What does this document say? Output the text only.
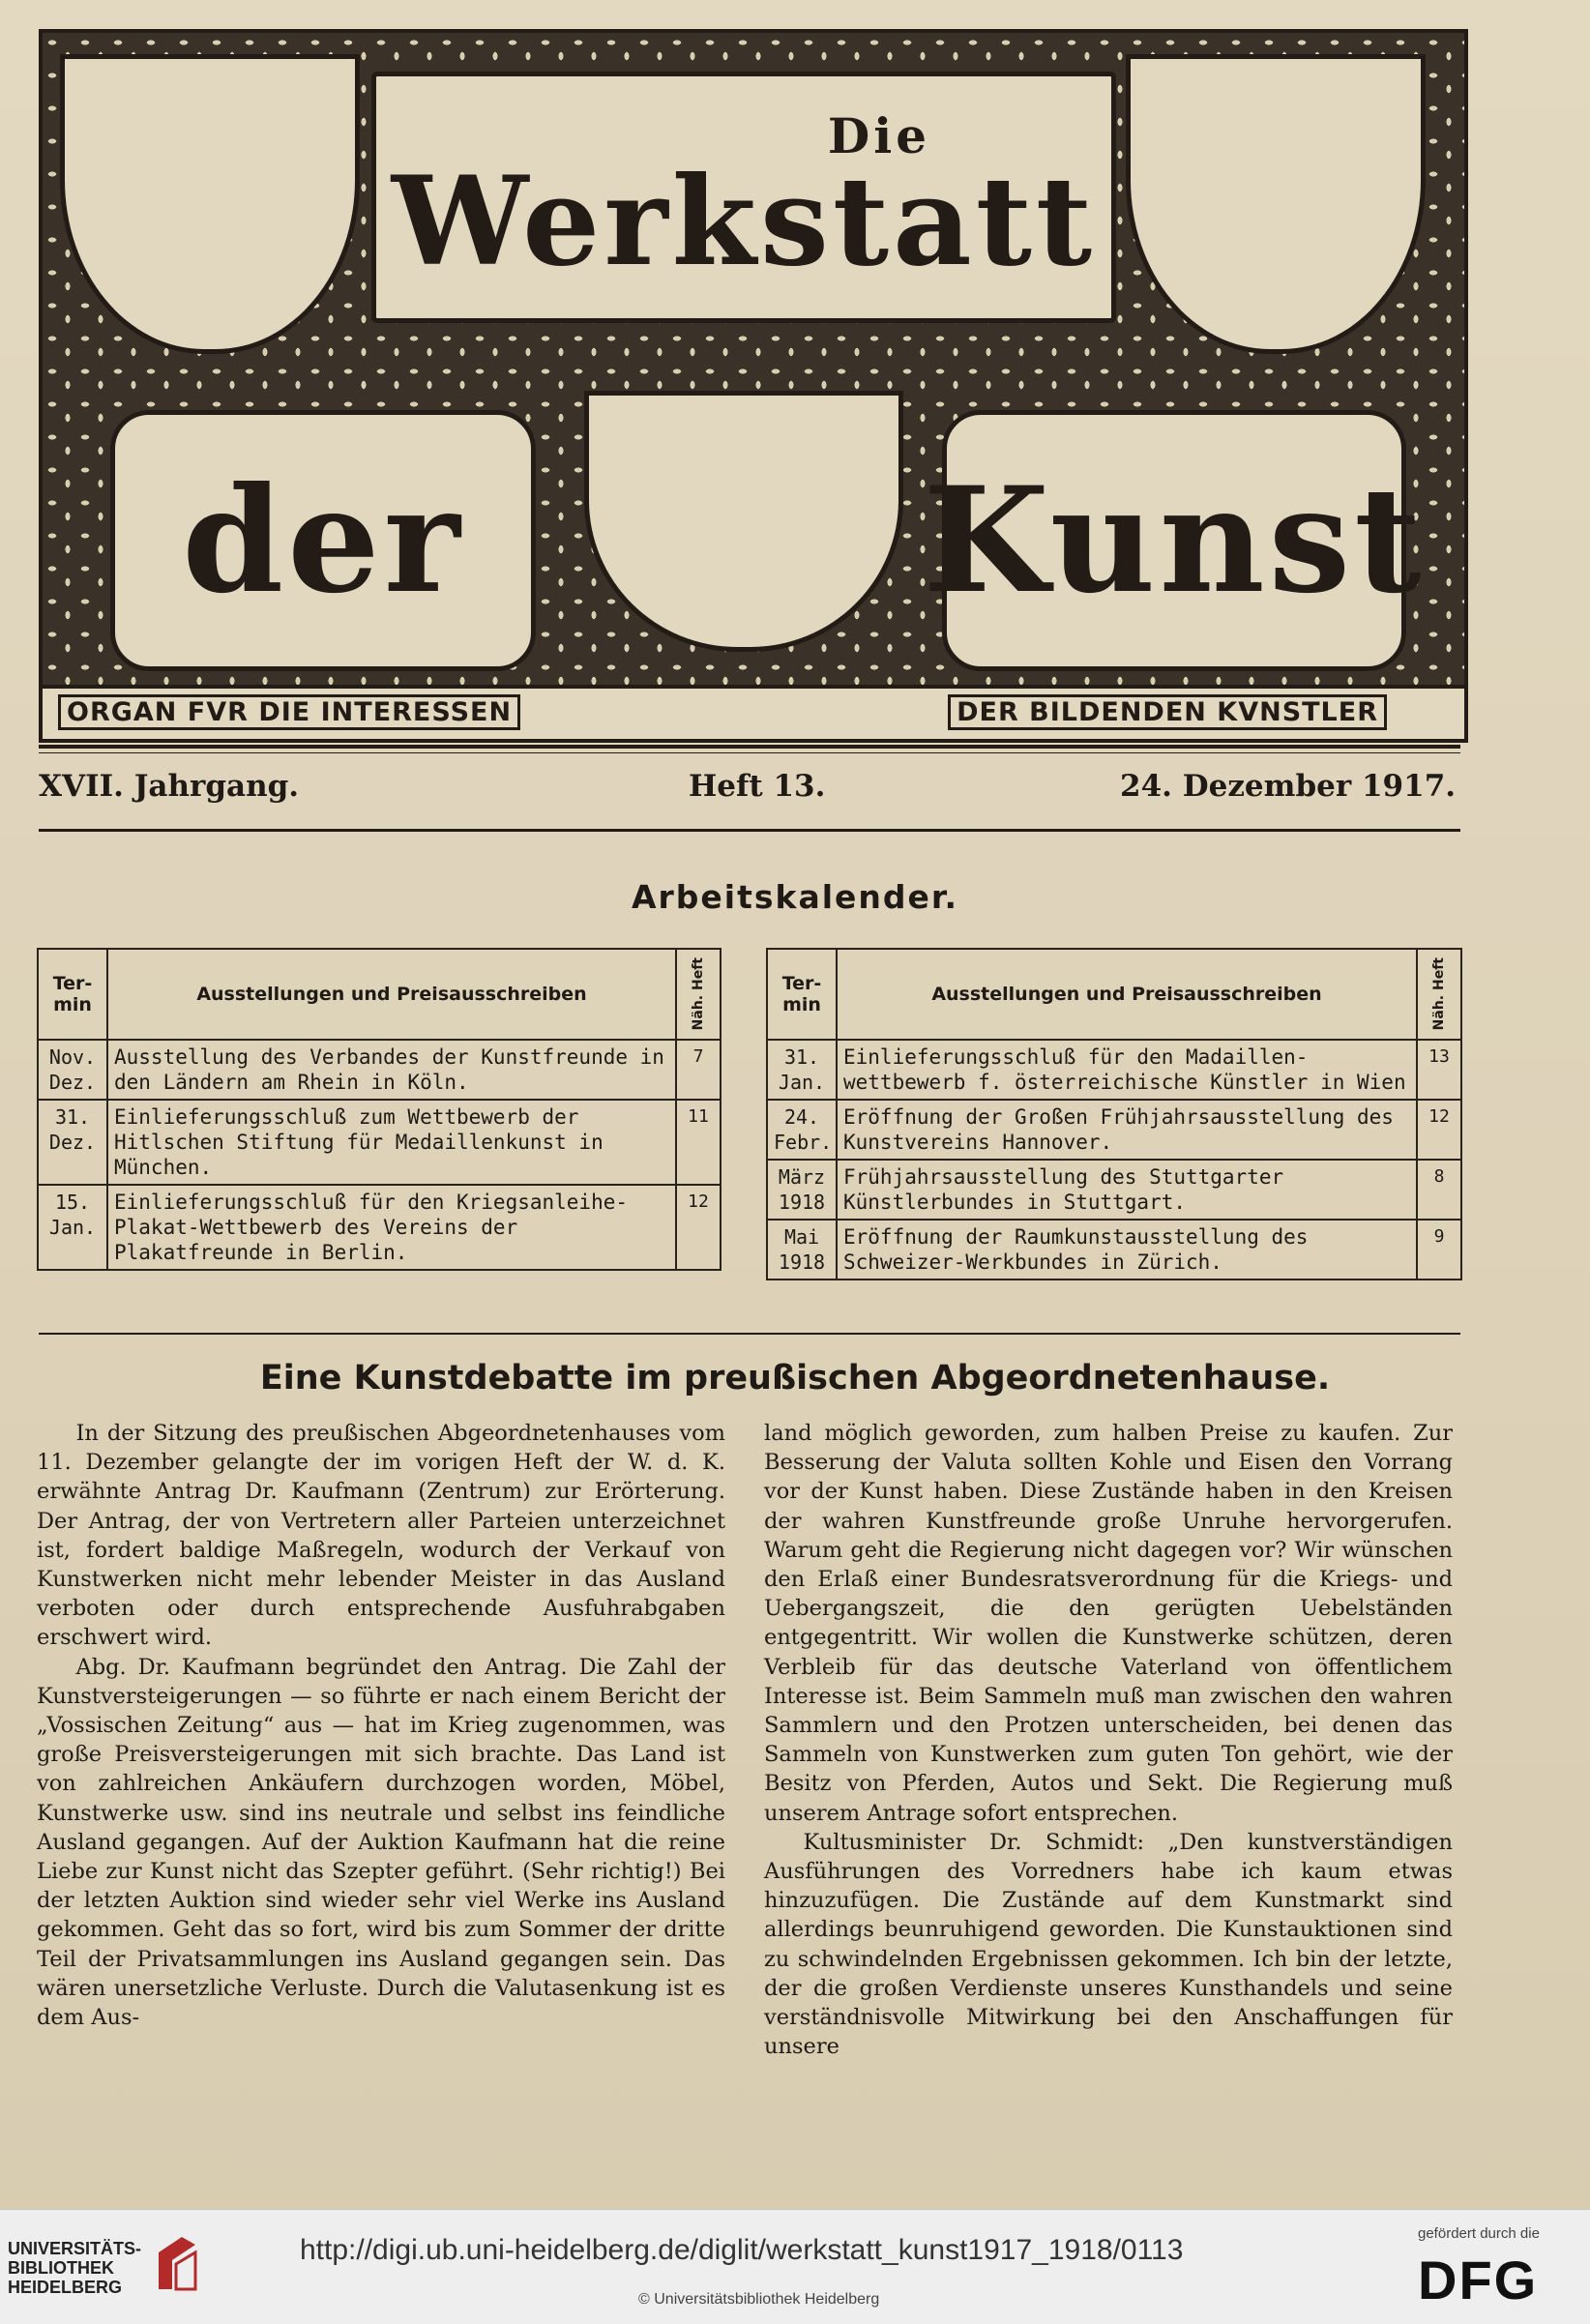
Die
Werkstatt
der	Kunst
ORGAN FVR DIE INTERESSEN	DER BILDENDEN KVNSTLER
XVII. Jahrgang.	Heft 13.	24. Dezember 1917.
Arbeitskalender.
Ter-min	Ausstellungen und Preisausschreiben	Näh. Heft

Nov. Dez.	Ausstellung des Verbandes der Kunstfreunde in den Ländern am Rhein in Köln.	7
31. Dez.	Einlieferungsschluß zum Wettbewerb der Hitlschen Stiftung für Medaillenkunst in München.	11
15. Jan.	Einlieferungsschluß für den Kriegsanleihe-Plakat-Wettbewerb des Vereins der Plakatfreunde in Berlin.	12
Ter-min	Ausstellungen und Preisausschreiben	Näh. Heft

31. Jan.	Einlieferungsschluß für den Madaillen-wettbewerb f. österreichische Künstler in Wien	13
24. Febr.	Eröffnung der Großen Frühjahrsausstellung des Kunstvereins Hannover.	12
März 1918	Frühjahrsausstellung des Stuttgarter Künstlerbundes in Stuttgart.	8
Mai 1918	Eröffnung der Raumkunstausstellung des Schweizer-Werkbundes in Zürich.	9
Eine Kunstdebatte im preußischen Abgeordnetenhause.

In der Sitzung des preußischen Abgeordnetenhauses vom 11. Dezember gelangte der im vorigen Heft der W. d. K. erwähnte Antrag Dr. Kaufmann (Zentrum) zur Erörterung. Der Antrag, der von Vertretern aller Parteien unterzeichnet ist, fordert baldige Maßregeln, wodurch der Verkauf von Kunstwerken nicht mehr lebender Meister in das Ausland verboten oder durch entsprechende Ausfuhrabgaben erschwert wird.

Abg. Dr. Kaufmann begründet den Antrag. Die Zahl der Kunstversteigerungen — so führte er nach einem Bericht der „Vossischen Zeitung“ aus — hat im Krieg zugenommen, was große Preisversteigerungen mit sich brachte. Das Land ist von zahlreichen Ankäufern durchzogen worden, Möbel, Kunstwerke usw. sind ins neutrale und selbst ins feindliche Ausland gegangen. Auf der Auktion Kaufmann hat die reine Liebe zur Kunst nicht das Szepter geführt. (Sehr richtig!) Bei der letzten Auktion sind wieder sehr viel Werke ins Ausland gekommen. Geht das so fort, wird bis zum Sommer der dritte Teil der Privatsammlungen ins Ausland gegangen sein. Das wären unersetzliche Verluste. Durch die Valutasenkung ist es dem Aus-

land möglich geworden, zum halben Preise zu kaufen. Zur Besserung der Valuta sollten Kohle und Eisen den Vorrang vor der Kunst haben. Diese Zustände haben in den Kreisen der wahren Kunstfreunde große Unruhe hervorgerufen. Warum geht die Regierung nicht dagegen vor? Wir wünschen den Erlaß einer Bundesratsverordnung für die Kriegs- und Uebergangszeit, die den gerügten Uebelständen entgegentritt. Wir wollen die Kunstwerke schützen, deren Verbleib für das deutsche Vaterland von öffentlichem Interesse ist. Beim Sammeln muß man zwischen den wahren Sammlern und den Protzen unterscheiden, bei denen das Sammeln von Kunstwerken zum guten Ton gehört, wie der Besitz von Pferden, Autos und Sekt. Die Regierung muß unserem Antrage sofort entsprechen.

Kultusminister Dr. Schmidt: „Den kunstverständigen Ausführungen des Vorredners habe ich kaum etwas hinzuzufügen. Die Zustände auf dem Kunstmarkt sind allerdings beunruhigend geworden. Die Kunstauktionen sind zu schwindelnden Ergebnissen gekommen. Ich bin der letzte, der die großen Verdienste unseres Kunsthandels und seine verständnisvolle Mitwirkung bei den Anschaffungen für unsere

UNIVERSITÄTS-
BIBLIOTHEK
HEIDELBERG
http://digi.ub.uni-heidelberg.de/diglit/werkstatt_kunst1917_1918/0113
© Universitätsbibliothek Heidelberg
gefördert durch die
DFG
